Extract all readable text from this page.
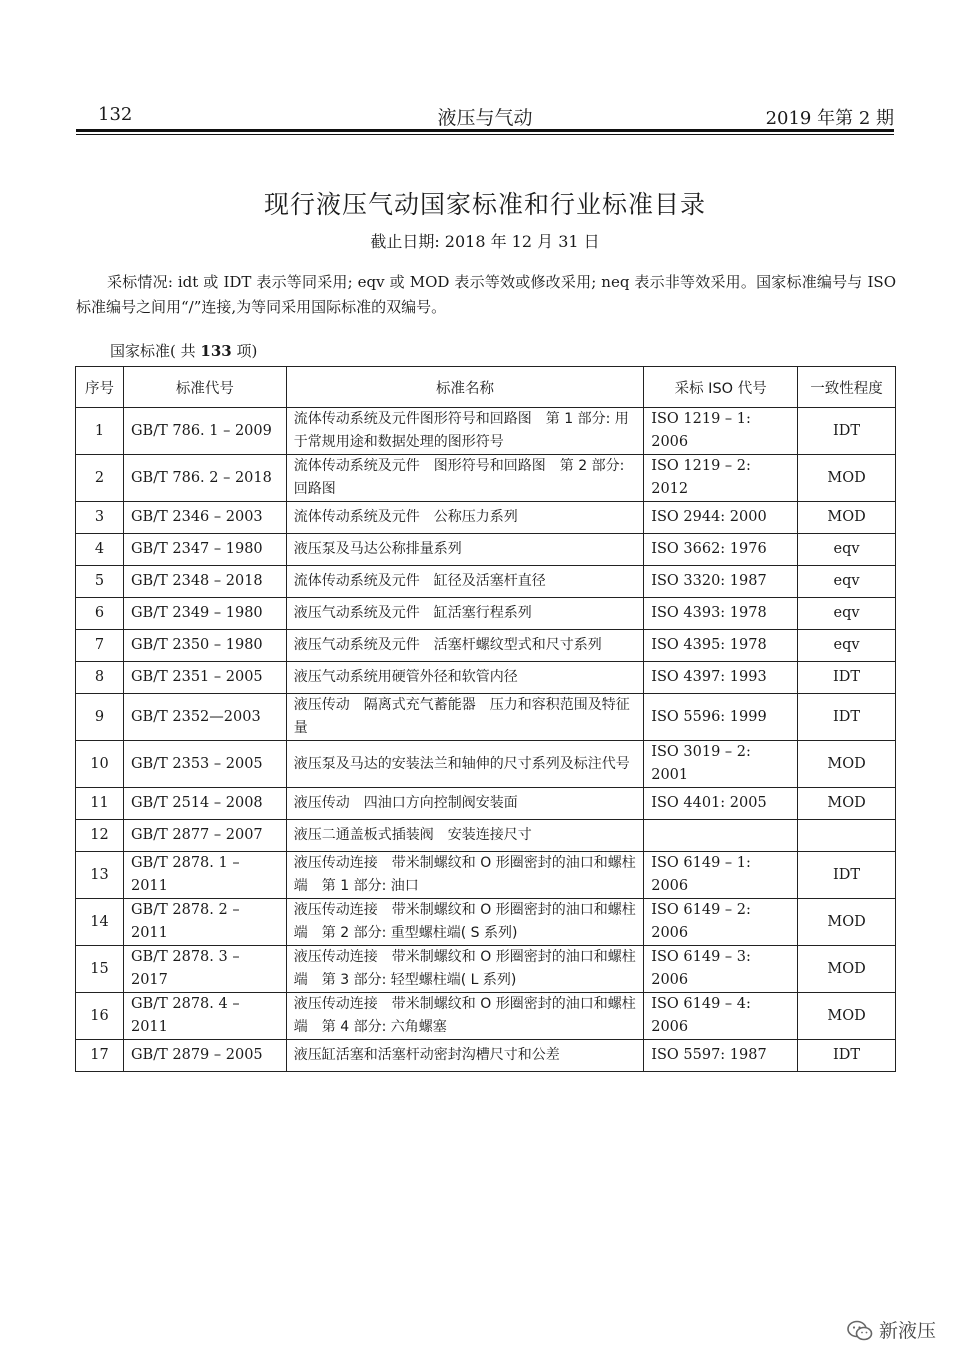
132	液压与气动	2019 年第 2 期
现行液压气动国家标准和行业标准目录
截止日期: 2018 年 12 月 31 日
采标情况: idt 或 IDT 表示等同采用; eqv 或 MOD 表示等效或修改采用; neq 表示非等效采用。国家标准编号与 ISO 标准编号之间用“/”连接,为等同采用国际标准的双编号。
国家标准( 共 133 项)
序号	标准代号	标准名称	采标 ISO 代号	一致性程度
1	GB/T 786. 1 – 2009	流体传动系统及元件图形符号和回路图　第 1 部分: 用于常规用途和数据处理的图形符号	ISO 1219 – 1: 2006	IDT
2	GB/T 786. 2 – 2018	流体传动系统及元件　图形符号和回路图　第 2 部分: 回路图	ISO 1219 – 2: 2012	MOD
3	GB/T 2346 – 2003	流体传动系统及元件　公称压力系列	ISO 2944: 2000	MOD
4	GB/T 2347 – 1980	液压泵及马达公称排量系列	ISO 3662: 1976	eqv
5	GB/T 2348 – 2018	流体传动系统及元件　缸径及活塞杆直径	ISO 3320: 1987	eqv
6	GB/T 2349 – 1980	液压气动系统及元件　缸活塞行程系列	ISO 4393: 1978	eqv
7	GB/T 2350 – 1980	液压气动系统及元件　活塞杆螺纹型式和尺寸系列	ISO 4395: 1978	eqv
8	GB/T 2351 – 2005	液压气动系统用硬管外径和软管内径	ISO 4397: 1993	IDT
9	GB/T 2352—2003	液压传动　隔离式充气蓄能器　压力和容积范围及特征量	ISO 5596: 1999	IDT
10	GB/T 2353 – 2005	液压泵及马达的安装法兰和轴伸的尺寸系列及标注代号	ISO 3019 – 2: 2001	MOD
11	GB/T 2514 – 2008	液压传动　四油口方向控制阀安装面	ISO 4401: 2005	MOD
12	GB/T 2877 – 2007	液压二通盖板式插装阀　安装连接尺寸		
13	GB/T 2878. 1 – 2011	液压传动连接　带米制螺纹和 O 形圈密封的油口和螺柱端　第 1 部分: 油口	ISO 6149 – 1: 2006	IDT
14	GB/T 2878. 2 – 2011	液压传动连接　带米制螺纹和 O 形圈密封的油口和螺柱端　第 2 部分: 重型螺柱端( S 系列)	ISO 6149 – 2: 2006	MOD
15	GB/T 2878. 3 – 2017	液压传动连接　带米制螺纹和 O 形圈密封的油口和螺柱端　第 3 部分: 轻型螺柱端( L 系列)	ISO 6149 – 3: 2006	MOD
16	GB/T 2878. 4 – 2011	液压传动连接　带米制螺纹和 O 形圈密封的油口和螺柱端　第 4 部分: 六角螺塞	ISO 6149 – 4: 2006	MOD
17	GB/T 2879 – 2005	液压缸活塞和活塞杆动密封沟槽尺寸和公差	ISO 5597: 1987	IDT
新液压
